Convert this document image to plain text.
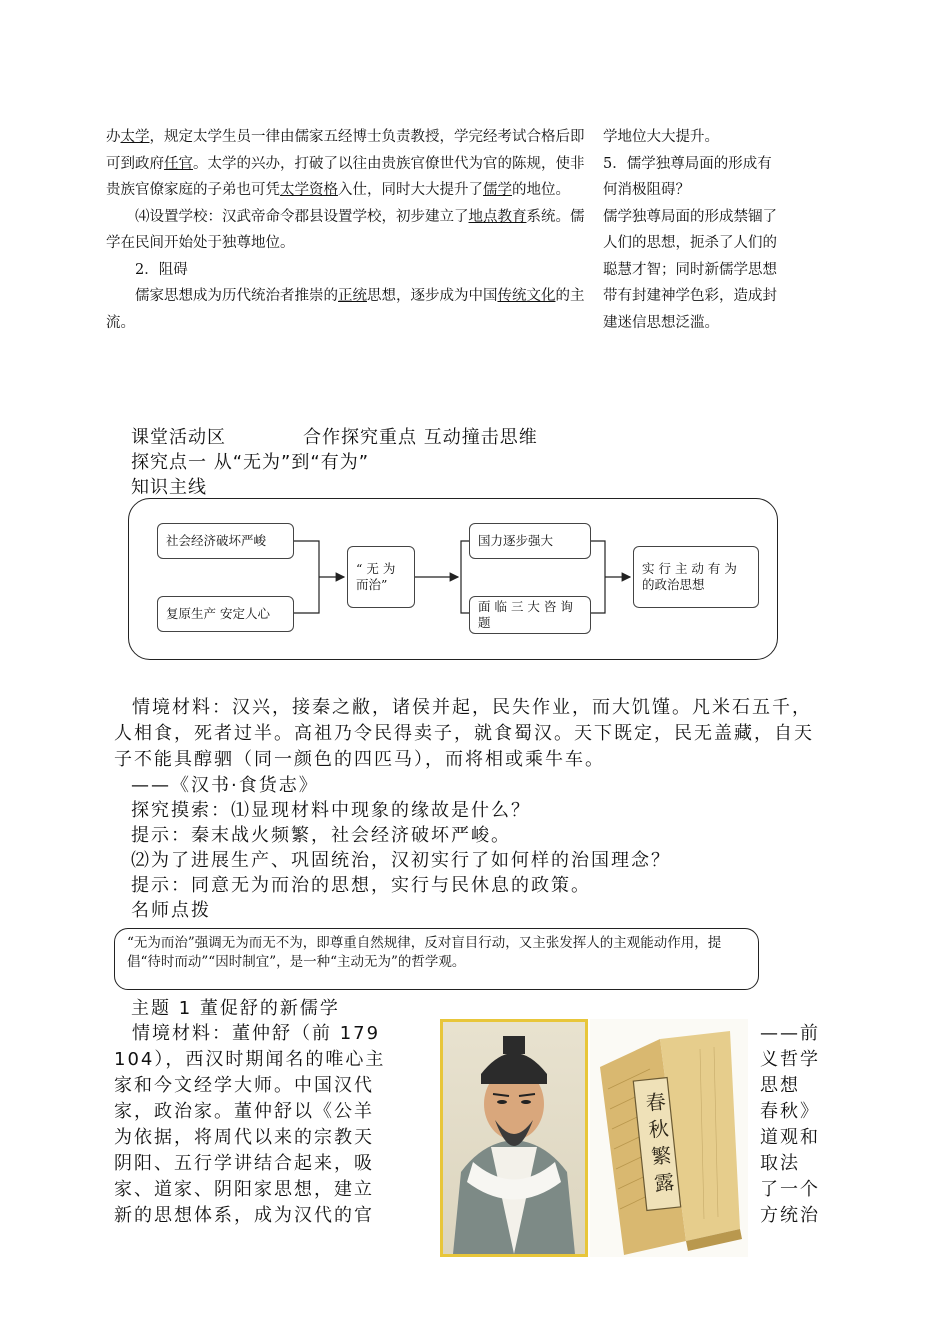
办太学，规定太学生员一律由儒家五经博士负责教授，学完经考试合格后即可到政府任官。太学的兴办，打破了以往由贵族官僚世代为官的陈规，使非贵族官僚家庭的子弟也可凭太学资格入仕，同时大大提升了儒学的地位。

⑷设置学校：汉武帝命令郡县设置学校，初步建立了地点教育系统。儒学在民间开始处于独尊地位。

2．阻碍

儒家思想成为历代统治者推崇的正统思想，逐步成为中国传统文化的主流。

学地位大大提升。

5．儒学独尊局面的形成有何消极阻碍？

儒学独尊局面的形成禁锢了人们的思想，扼杀了人们的聪慧才智；同时新儒学思想带有封建神学色彩，造成封建迷信思想泛滥。

课堂活动区	合作探究重点 互动撞击思维
探究点一 从“无为”到“有为”
知识主线
社会经济破坏严峻
复原生产 安定人心
“ 无 为而治”
国力逐步强大
面 临 三 大 咨 询 题
实 行 主 动 有 为 的政治思想
情境材料：汉兴，接秦之敝，诸侯并起，民失作业，而大饥馑。凡米石五千，人相食，死者过半。高祖乃令民得卖子，就食蜀汉。天下既定，民无盖藏，自天子不能具醇驷（同一颜色的四匹马），而将相或乘牛车。
——《汉书·食货志》
探究摸索：⑴显现材料中现象的缘故是什么？
提示：秦末战火频繁，社会经济破坏严峻。
⑵为了进展生产、巩固统治，汉初实行了如何样的治国理念？
提示：同意无为而治的思想，实行与民休息的政策。
名师点拨
“无为而治”强调无为而无不为，即尊重自然规律，反对盲目行动，又主张发挥人的主观能动作用，提倡“待时而动”“因时制宜”，是一种“主动无为”的哲学观。
主题 1 董促舒的新儒学
情境材料：董仲舒（前 179
104），西汉时期闻名的唯心主
家和今文经学大师。中国汉代
家，政治家。董仲舒以《公羊
为依据，将周代以来的宗教天
阴阳、五行学讲结合起来，吸
家、道家、阴阳家思想，建立
新的思想体系，成为汉代的官
——前
义哲学
思想
春秋》
道观和
取法
了一个
方统治
春秋繁露
